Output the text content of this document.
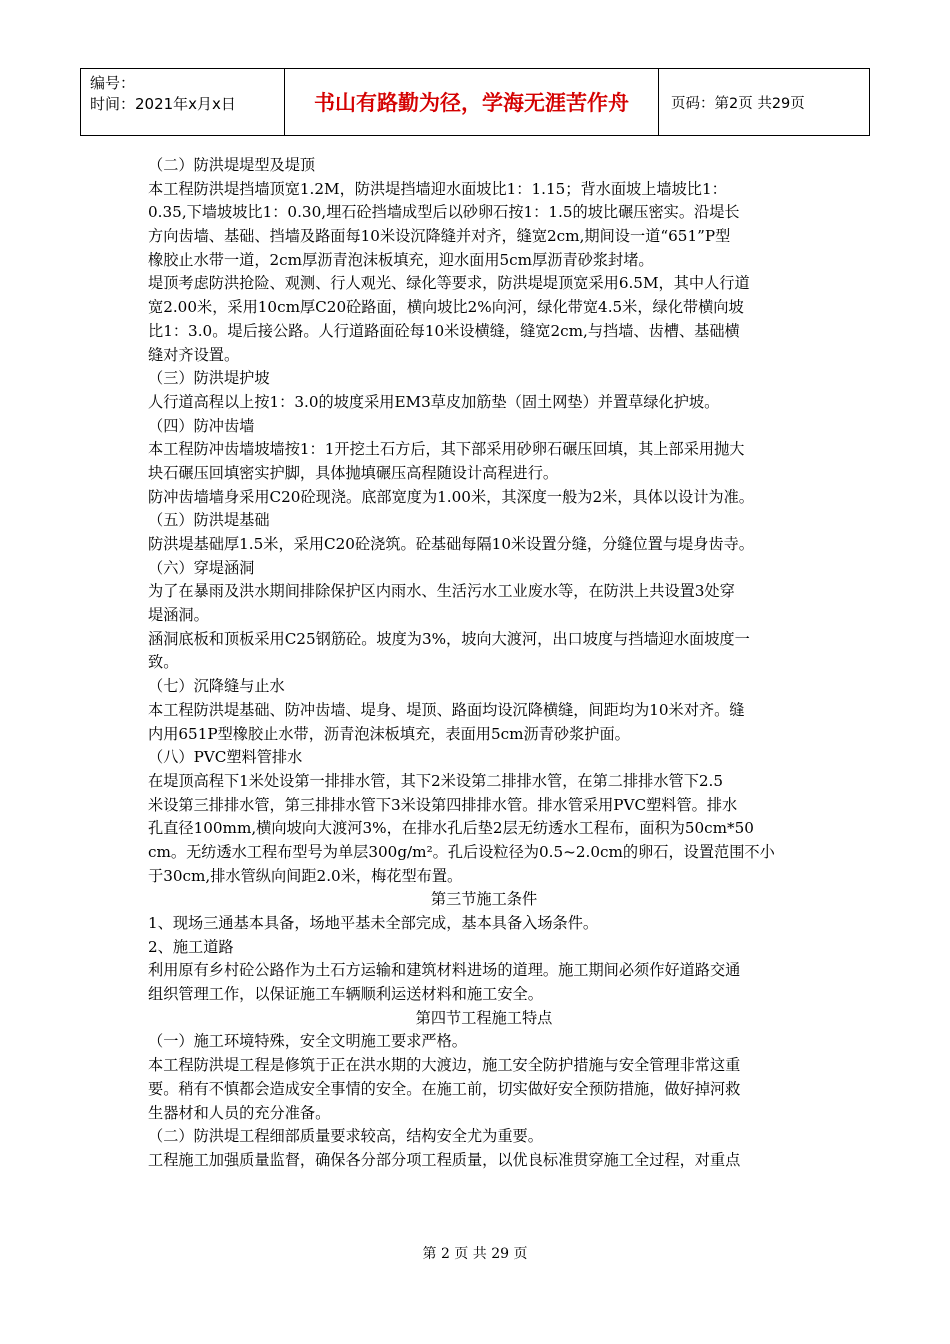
编号：
时间：2021年x月x日	书山有路勤为径，学海无涯苦作舟	页码：第2页 共29页
（二）防洪堤堤型及堤顶
本工程防洪堤挡墙顶宽1.2M，防洪堤挡墙迎水面坡比1：1.15；背水面坡上墙坡比1：
0.35,下墙坡坡比1：0.30,埋石砼挡墙成型后以砂卵石按1：1.5的坡比碾压密实。沿堤长
方向齿墙、基础、挡墙及路面每10米设沉降缝并对齐，缝宽2cm,期间设一道“651”P型
橡胶止水带一道，2cm厚沥青泡沫板填充，迎水面用5cm厚沥青砂浆封堵。
堤顶考虑防洪抢险、观测、行人观光、绿化等要求，防洪堤堤顶宽采用6.5M，其中人行道
宽2.00米，采用10cm厚C20砼路面，横向坡比2%向河，绿化带宽4.5米，绿化带横向坡
比1：3.0。堤后接公路。人行道路面砼每10米设横缝，缝宽2cm,与挡墙、齿槽、基础横
缝对齐设置。
（三）防洪堤护坡
人行道高程以上按1：3.0的坡度采用EM3草皮加筋垫（固土网垫）并置草绿化护坡。
（四）防冲齿墙
本工程防冲齿墙坡墙按1：1开挖土石方后，其下部采用砂卵石碾压回填，其上部采用抛大
块石碾压回填密实护脚，具体抛填碾压高程随设计高程进行。
防冲齿墙墙身采用C20砼现浇。底部宽度为1.00米，其深度一般为2米，具体以设计为准。
（五）防洪堤基础
防洪堤基础厚1.5米，采用C20砼浇筑。砼基础每隔10米设置分缝，分缝位置与堤身齿寺。
（六）穿堤涵洞
为了在暴雨及洪水期间排除保护区内雨水、生活污水工业废水等，在防洪上共设置3处穿
堤涵洞。
涵洞底板和顶板采用C25钢筋砼。坡度为3%，坡向大渡河，出口坡度与挡墙迎水面坡度一
致。
（七）沉降缝与止水
本工程防洪堤基础、防冲齿墙、堤身、堤顶、路面均设沉降横缝，间距均为10米对齐。缝
内用651P型橡胶止水带，沥青泡沫板填充，表面用5cm沥青砂浆护面。
（八）PVC塑料管排水
在堤顶高程下1米处设第一排排水管，其下2米设第二排排水管，在第二排排水管下2.5
米设第三排排水管，第三排排水管下3米设第四排排水管。排水管采用PVC塑料管。排水
孔直径100mm,横向坡向大渡河3%，在排水孔后垫2层无纺透水工程布，面积为50cm*50
cm。无纺透水工程布型号为单层300g/m²。孔后设粒径为0.5~2.0cm的卵石，设置范围不小
于30cm,排水管纵向间距2.0米，梅花型布置。
第三节施工条件
1、现场三通基本具备，场地平基未全部完成，基本具备入场条件。
2、施工道路
利用原有乡村砼公路作为土石方运输和建筑材料进场的道理。施工期间必须作好道路交通
组织管理工作，以保证施工车辆顺利运送材料和施工安全。
第四节工程施工特点
（一）施工环境特殊，安全文明施工要求严格。
本工程防洪堤工程是修筑于正在洪水期的大渡边，施工安全防护措施与安全管理非常这重
要。稍有不慎都会造成安全事情的安全。在施工前，切实做好安全预防措施，做好掉河救
生器材和人员的充分准备。
（二）防洪堤工程细部质量要求较高，结构安全尤为重要。
工程施工加强质量监督，确保各分部分项工程质量，以优良标准贯穿施工全过程，对重点
第 2 页 共 29 页
